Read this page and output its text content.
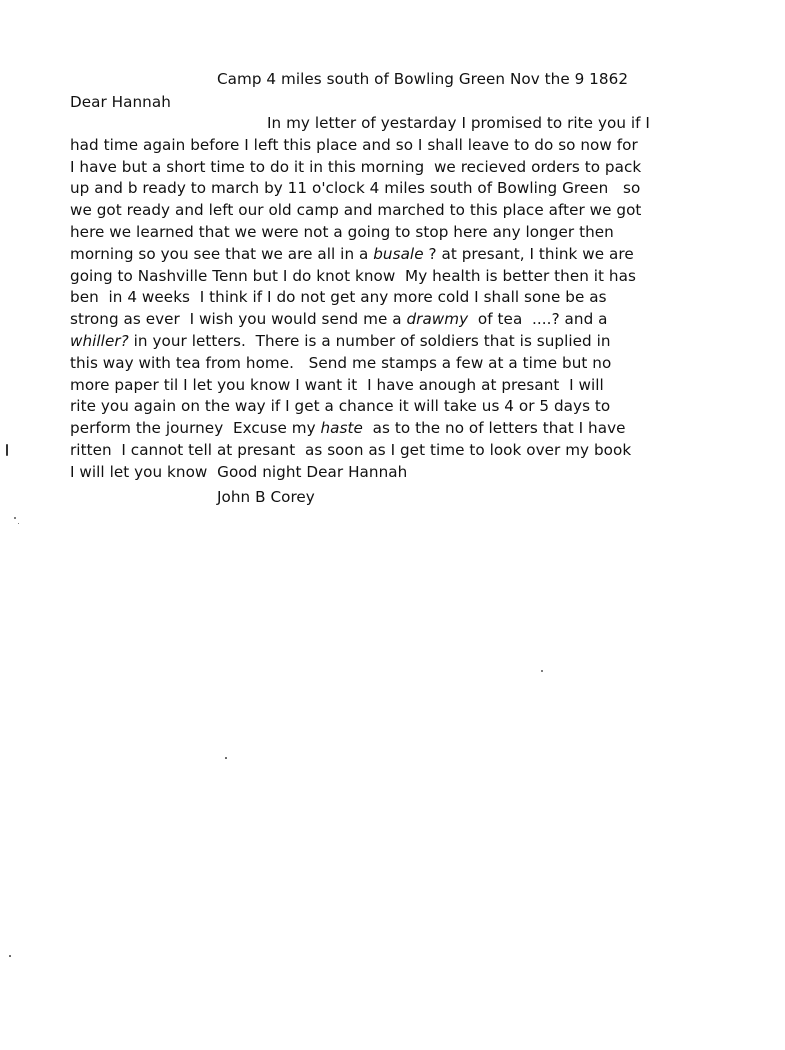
Camp 4 miles south of Bowling Green Nov the 9 1862
Dear Hannah
In my letter of yestarday I promised to rite you if I
had time again before I left this place and so I shall leave to do so now for
I have but a short time to do it in this morning  we recieved orders to pack
up and b ready to march by 11 o'clock 4 miles south of Bowling Green   so
we got ready and left our old camp and marched to this place after we got
here we learned that we were not a going to stop here any longer then
morning so you see that we are all in a busale ? at presant, I think we are
going to Nashville Tenn but I do knot know  My health is better then it has
ben  in 4 weeks  I think if I do not get any more cold I shall sone be as
strong as ever  I wish you would send me a drawmy  of tea  ....? and a
whiller? in your letters.  There is a number of soldiers that is suplied in
this way with tea from home.   Send me stamps a few at a time but no
more paper til I let you know I want it  I have anough at presant  I will
rite you again on the way if I get a chance it will take us 4 or 5 days to
perform the journey  Excuse my haste  as to the no of letters that I have
ritten  I cannot tell at presant  as soon as I get time to look over my book
I will let you know  Good night Dear Hannah
John B Corey
